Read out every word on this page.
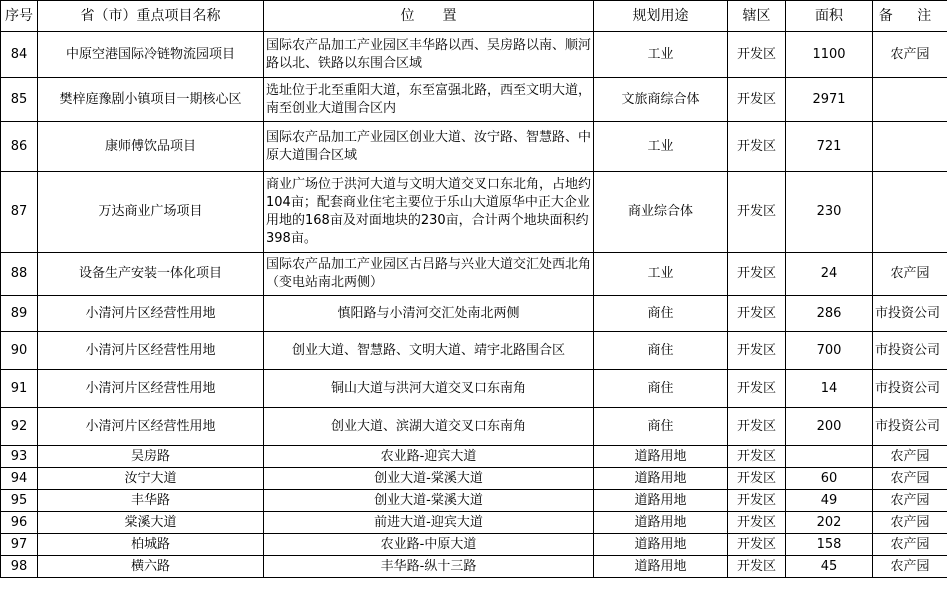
序号	省（市）重点项目名称	位　　置	规划用途	辖区	面积	备 注
84	中原空港国际冷链物流园项目	国际农产品加工产业园区丰华路以西、吴房路以南、顺河路以北、铁路以东围合区域	工业	开发区	1100	农产园
85	樊梓庭豫剧小镇项目一期核心区	选址位于北至重阳大道，东至富强北路，西至文明大道，南至创业大道围合区内	文旅商综合体	开发区	2971	
86	康师傅饮品项目	国际农产品加工产业园区创业大道、汝宁路、智慧路、中原大道围合区域	工业	开发区	721	
87	万达商业广场项目	商业广场位于洪河大道与文明大道交叉口东北角，占地约104亩；配套商业住宅主要位于乐山大道原华中正大企业用地的168亩及对面地块的230亩，合计两个地块面积约398亩。	商业综合体	开发区	230	
88	设备生产安装一体化项目	国际农产品加工产业园区古吕路与兴业大道交汇处西北角（变电站南北两侧）	工业	开发区	24	农产园
89	小清河片区经营性用地	慎阳路与小清河交汇处南北两侧	商住	开发区	286	市投资公司
90	小清河片区经营性用地	创业大道、智慧路、文明大道、靖宇北路围合区	商住	开发区	700	市投资公司
91	小清河片区经营性用地	铜山大道与洪河大道交叉口东南角	商住	开发区	14	市投资公司
92	小清河片区经营性用地	创业大道、滨湖大道交叉口东南角	商住	开发区	200	市投资公司
93	吴房路	农业路-迎宾大道	道路用地	开发区		农产园
94	汝宁大道	创业大道-棠溪大道	道路用地	开发区	60	农产园
95	丰华路	创业大道-棠溪大道	道路用地	开发区	49	农产园
96	棠溪大道	前进大道-迎宾大道	道路用地	开发区	202	农产园
97	柏城路	农业路-中原大道	道路用地	开发区	158	农产园
98	横六路	丰华路-纵十三路	道路用地	开发区	45	农产园
